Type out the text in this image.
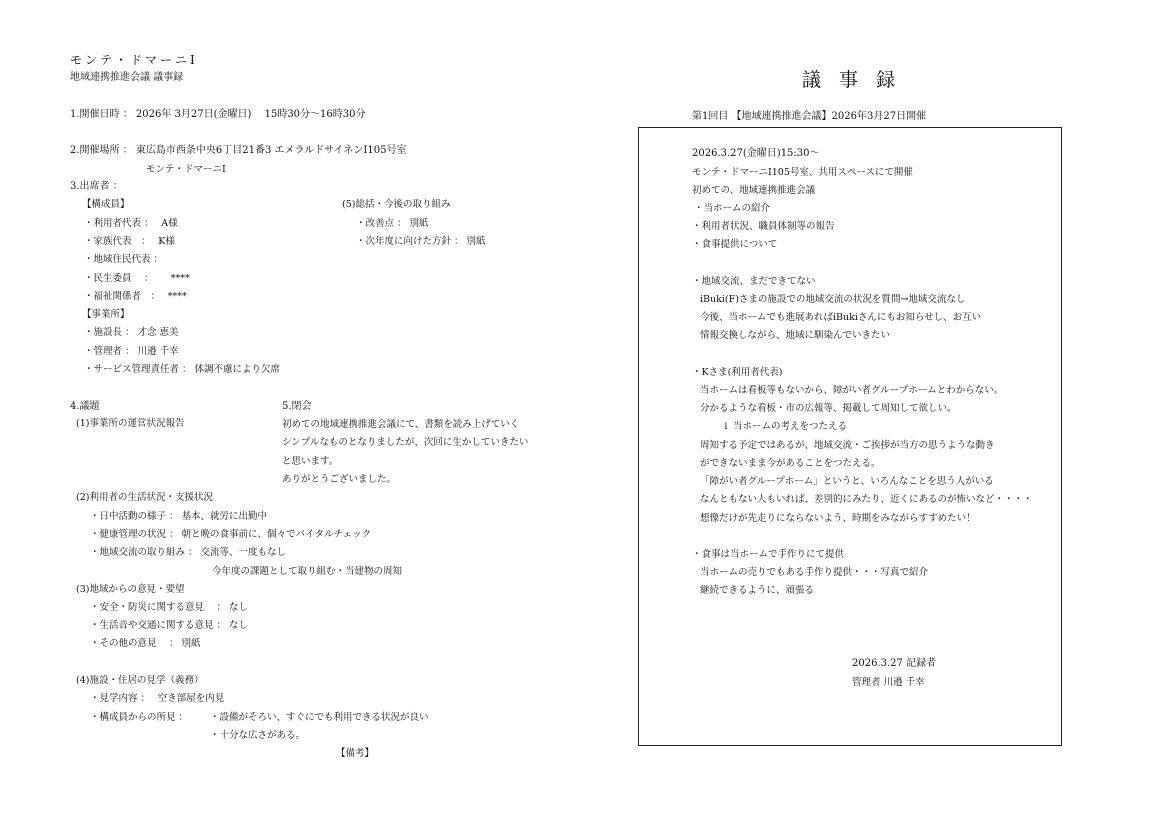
モンテ・ドマーニⅠ
地域連携推進会議 議事録
1.開催日時 ： 2026年 3月27日(金曜日)　 15時30分～16時30分
2.開催場所 ： 東広島市西条中央6丁目21番3 エメラルドサイネンⅠ105号室
モンテ・ドマーニⅠ
3.出席者 ：
【構成員】
・利用者代表 ：　 A様
・家族代表　：　 K様
・地域住民代表 ：
・民生委員　 ：　　 ****
・福祉関係者　：　 ****
【事業所】
・施設長 ： 才念 恵美
・管理者 ： 川邉 千幸
・サービス管理責任者 ： 体調不慮により欠席
(5)総括・今後の取り組み
・改善点 ： 別紙
・次年度に向けた方針 ： 別紙
4.議題
(1)事業所の運営状況報告
5.閉会
初めての地域連携推進会議にて、書類を読み上げていく
シンプルなものとなりましたが、次回に生かしていきたい
と思います。
ありがとうございました。
(2)利用者の生活状況・支援状況
・日中活動の様子 ： 基本、就労に出勤中
・健康管理の状況 ： 朝と晩の食事前に、個々でバイタルチェック
・地域交流の取り組み ： 交流等、一度もなし
今年度の課題として取り組む・当建物の周知
(3)地域からの意見・要望
・安全・防災に関する意見　 ： なし
・生活音や交通に関する意見 ： なし
・その他の意見　 ： 別紙
(4)施設・住居の見学（義務）
・見学内容 ：　 空き部屋を内見
・構成員からの所見 ： ・設備がそろい、すぐにでも利用できる状況が良い
・十分な広さがある。
【備考】
議事録
第1回目 【地域連携推進会議】2026年3月27日開催
2026.3.27(金曜日)15:30～
モンテ・ドマーニⅠ105号室、共用スペースにて開催
初めての、地域連携推進会議
・当ホームの紹介
・利用者状況、職員体制等の報告
・食事提供について
・地域交流、まだできてない
iBuki(F)さまの施設での地域交流の状況を質問→地域交流なし
今後、当ホームでも進展あればiBukiさんにもお知らせし、お互い
情報交換しながら、地域に馴染んでいきたい
・Kさま(利用者代表)
当ホームは看板等もないから、障がい者グループホームとわからない。
分かるような看板・市の広報等、掲載して周知して欲しい。
↓ 当ホームの考えをつたえる
周知する予定ではあるが、地域交流・ご挨拶が当方の思うような動き
ができないまま今があることをつたえる。
「障がい者グループホーム」というと、いろんなことを思う人がいる
なんともない人もいれば、差別的にみたり、近くにあるのが怖いなど・・・・
想像だけが先走りにならないよう、時期をみながらすすめたい！
・食事は当ホームで手作りにて提供
当ホームの売りでもある手作り提供・・・写真で紹介
継続できるように、頑張る
2026.3.27 記録者
管理者 川邉 千幸
